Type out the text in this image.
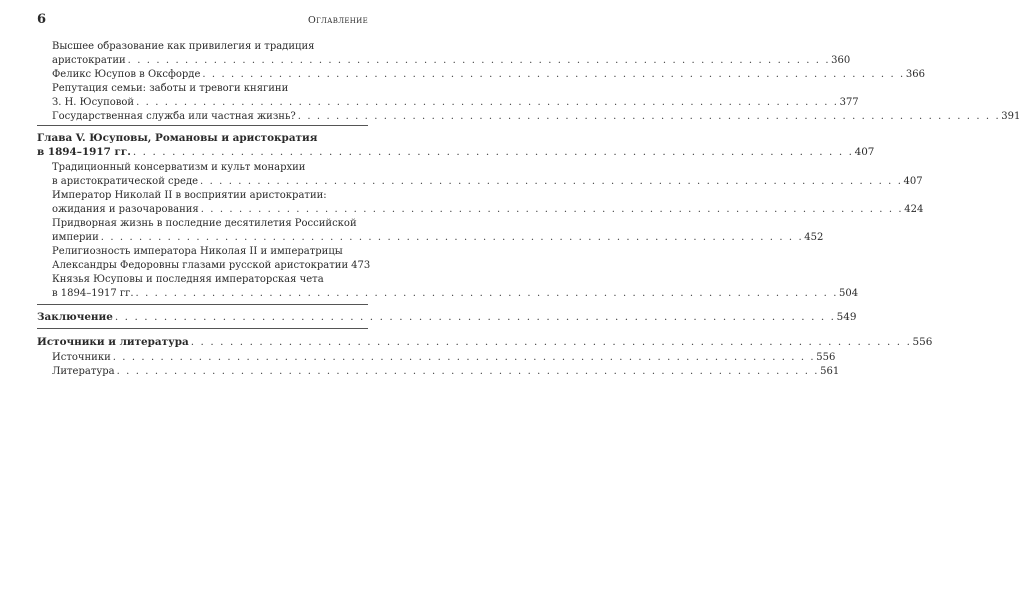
6	Оглавление
Высшее образование как привилегия и традиция
аристократии . . . . . . . . . . . . . . . . . . . . . . . . . . . . . . . . . . . . . . . . . . . . . . . . . . . . . . . . . . . . . . . . . . . . . . . . . . 360
Феликс Юсупов в Оксфорде . . . . . . . . . . . . . . . . . . . . . . . . . . . . . . . . . . . . . . . . . . . . . . . . . . . . . . . . . . . . . . . . . . . . . . . . . . 366
Репутация семьи: заботы и тревоги княгини
З. Н. Юсуповой . . . . . . . . . . . . . . . . . . . . . . . . . . . . . . . . . . . . . . . . . . . . . . . . . . . . . . . . . . . . . . . . . . . . . . . . . . 377
Государственная служба или частная жизнь? . . . . . . . . . . . . . . . . . . . . . . . . . . . . . . . . . . . . . . . . . . . . . . . . . . . . . . . . . . . . . . . . . . . . . . . . . . 391
Глава V. Юсуповы, Романовы и аристократия
в 1894–1917 гг. . . . . . . . . . . . . . . . . . . . . . . . . . . . . . . . . . . . . . . . . . . . . . . . . . . . . . . . . . . . . . . . . . . . . . . . . . . 407
Традиционный консерватизм и культ монархии
в аристократической среде . . . . . . . . . . . . . . . . . . . . . . . . . . . . . . . . . . . . . . . . . . . . . . . . . . . . . . . . . . . . . . . . . . . . . . . . . . 407
Император Николай II в восприятии аристократии:
ожидания и разочарования . . . . . . . . . . . . . . . . . . . . . . . . . . . . . . . . . . . . . . . . . . . . . . . . . . . . . . . . . . . . . . . . . . . . . . . . . . 424
Придворная жизнь в последние десятилетия Российской
империи . . . . . . . . . . . . . . . . . . . . . . . . . . . . . . . . . . . . . . . . . . . . . . . . . . . . . . . . . . . . . . . . . . . . . . . . . . 452
Религиозность императора Николая II и императрицы
Александры Федоровны глазами русской аристократии 473
Князья Юсуповы и последняя императорская чета
в 1894–1917 гг. . . . . . . . . . . . . . . . . . . . . . . . . . . . . . . . . . . . . . . . . . . . . . . . . . . . . . . . . . . . . . . . . . . . . . . . . . . 504
Заключение . . . . . . . . . . . . . . . . . . . . . . . . . . . . . . . . . . . . . . . . . . . . . . . . . . . . . . . . . . . . . . . . . . . . . . . . . . 549
Источники и литература . . . . . . . . . . . . . . . . . . . . . . . . . . . . . . . . . . . . . . . . . . . . . . . . . . . . . . . . . . . . . . . . . . . . . . . . . . 556
Источники . . . . . . . . . . . . . . . . . . . . . . . . . . . . . . . . . . . . . . . . . . . . . . . . . . . . . . . . . . . . . . . . . . . . . . . . . . 556
Литература . . . . . . . . . . . . . . . . . . . . . . . . . . . . . . . . . . . . . . . . . . . . . . . . . . . . . . . . . . . . . . . . . . . . . . . . . . 561
